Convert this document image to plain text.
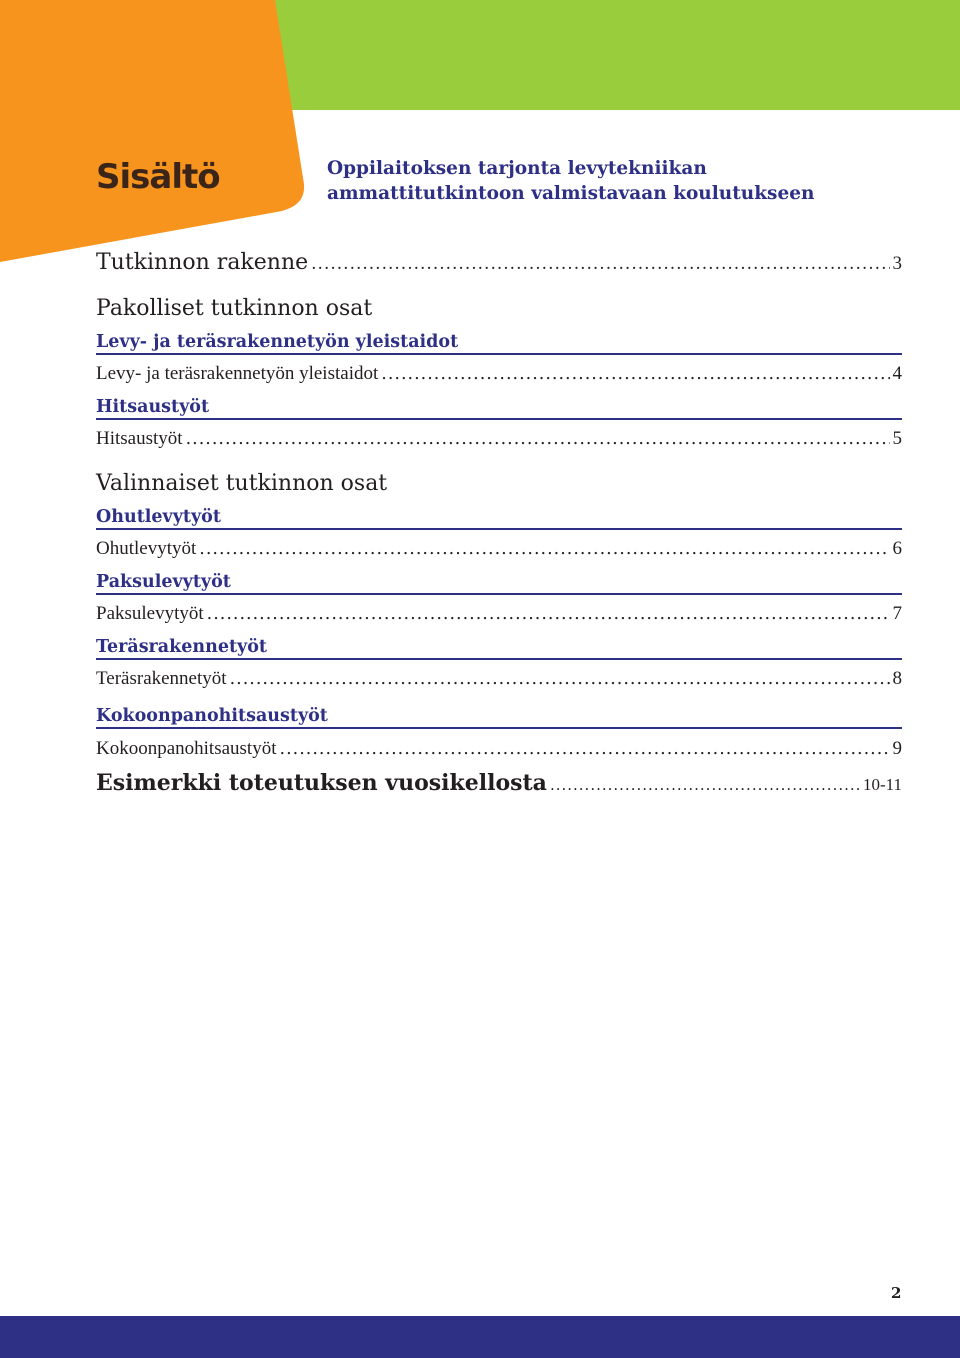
Sisältö	Oppilaitoksen tarjonta levytekniikan
ammattitutkintoon valmistavaan koulutukseen
Tutkinnon rakenne .....	3
Pakolliset tutkinnon osat
Levy- ja teräsrakennetyön yleistaidot
Levy- ja teräsrakennetyön yleistaidot .....	4
Hitsaustyöt
Hitsaustyöt .....	5
Valinnaiset tutkinnon osat
Ohutlevytyöt
Ohutlevytyöt .....	6
Paksulevytyöt
Paksulevytyöt .....	7
Teräsrakennetyöt
Teräsrakennetyöt .....	8
Kokoonpanohitsaustyöt
Kokoonpanohitsaustyöt .....	9
Esimerkki toteutuksen vuosikellosta .....	10-11
2
